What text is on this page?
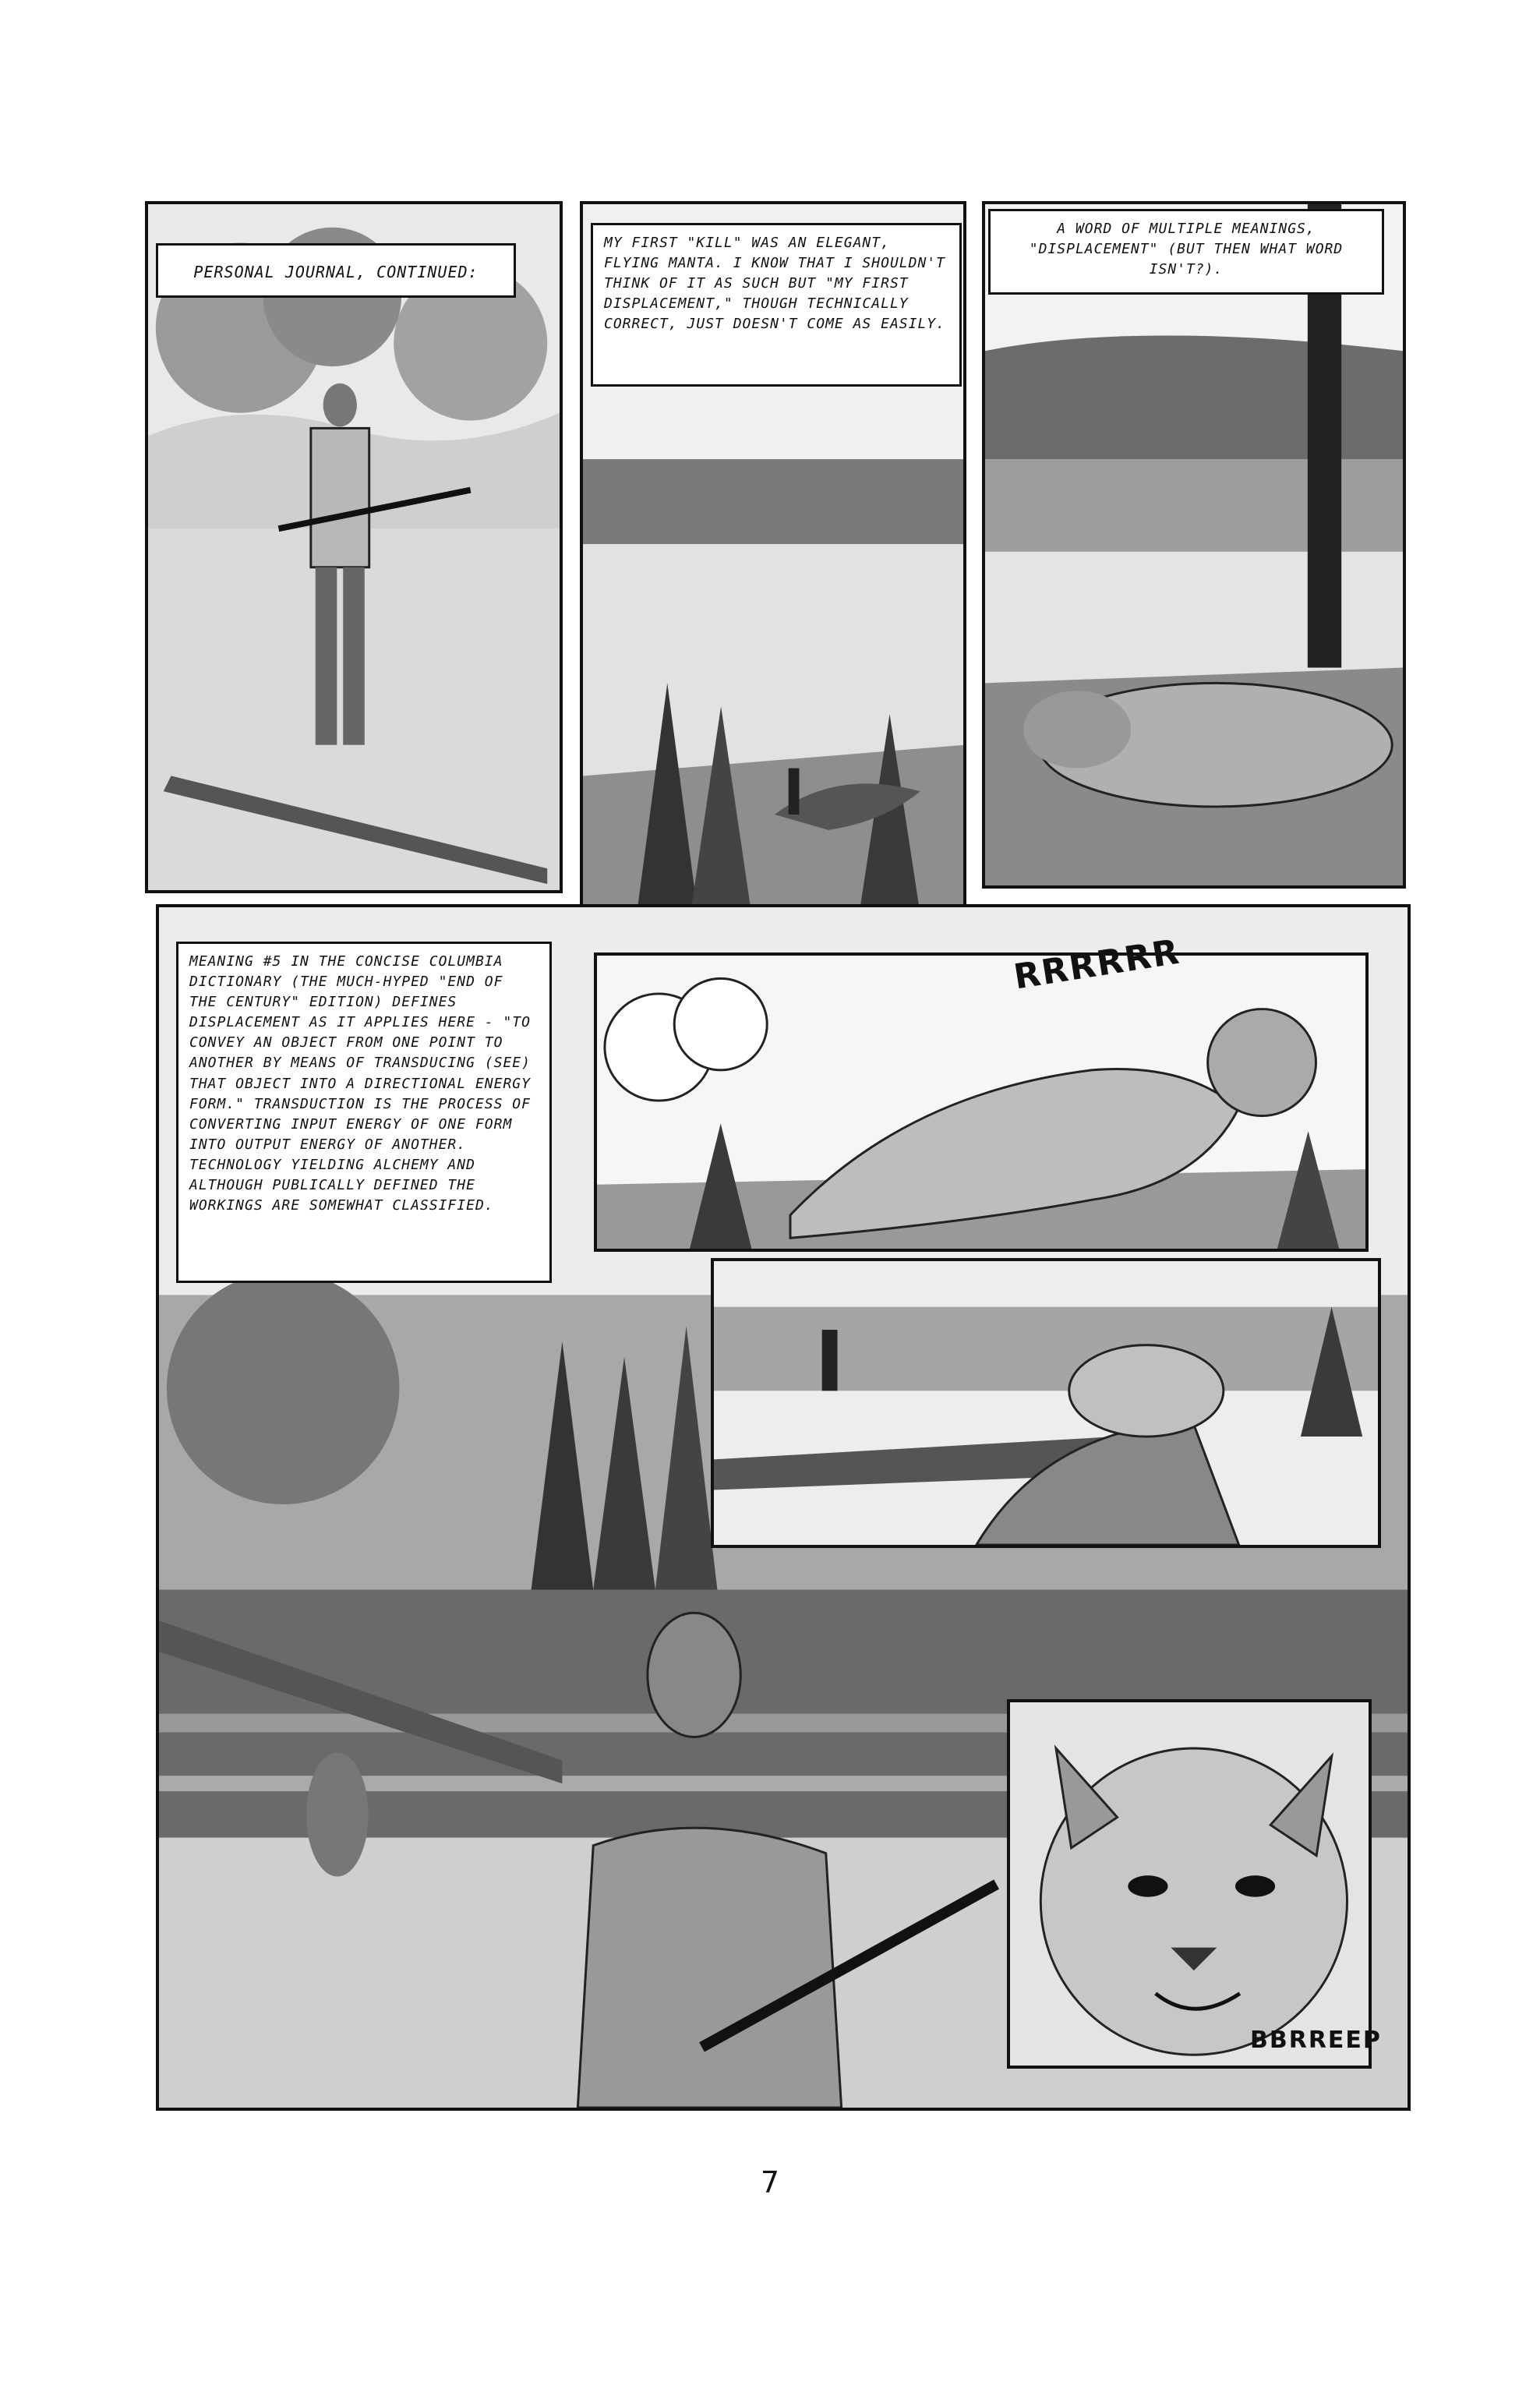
PERSONAL JOURNAL, CONTINUED:
MY FIRST "KILL" WAS AN ELEGANT, FLYING MANTA. I KNOW THAT I SHOULDN'T THINK OF IT AS SUCH BUT "MY FIRST DISPLACEMENT," THOUGH TECHNICALLY CORRECT, JUST DOESN'T COME AS EASILY.
A WORD OF MULTIPLE MEANINGS, "DISPLACEMENT" (BUT THEN WHAT WORD ISN'T?).
MEANING #5 IN THE CONCISE COLUMBIA DICTIONARY (THE MUCH-HYPED "END OF THE CENTURY" EDITION) DEFINES DISPLACEMENT AS IT APPLIES HERE - "TO CONVEY AN OBJECT FROM ONE POINT TO ANOTHER BY MEANS OF TRANSDUCING (SEE) THAT OBJECT INTO A DIRECTIONAL ENERGY FORM." TRANSDUCTION IS THE PROCESS OF CONVERTING INPUT ENERGY OF ONE FORM INTO OUTPUT ENERGY OF ANOTHER. TECHNOLOGY YIELDING ALCHEMY AND ALTHOUGH PUBLICALLY DEFINED THE WORKINGS ARE SOMEWHAT CLASSIFIED.
RRRRRR
BBRREEP
7
